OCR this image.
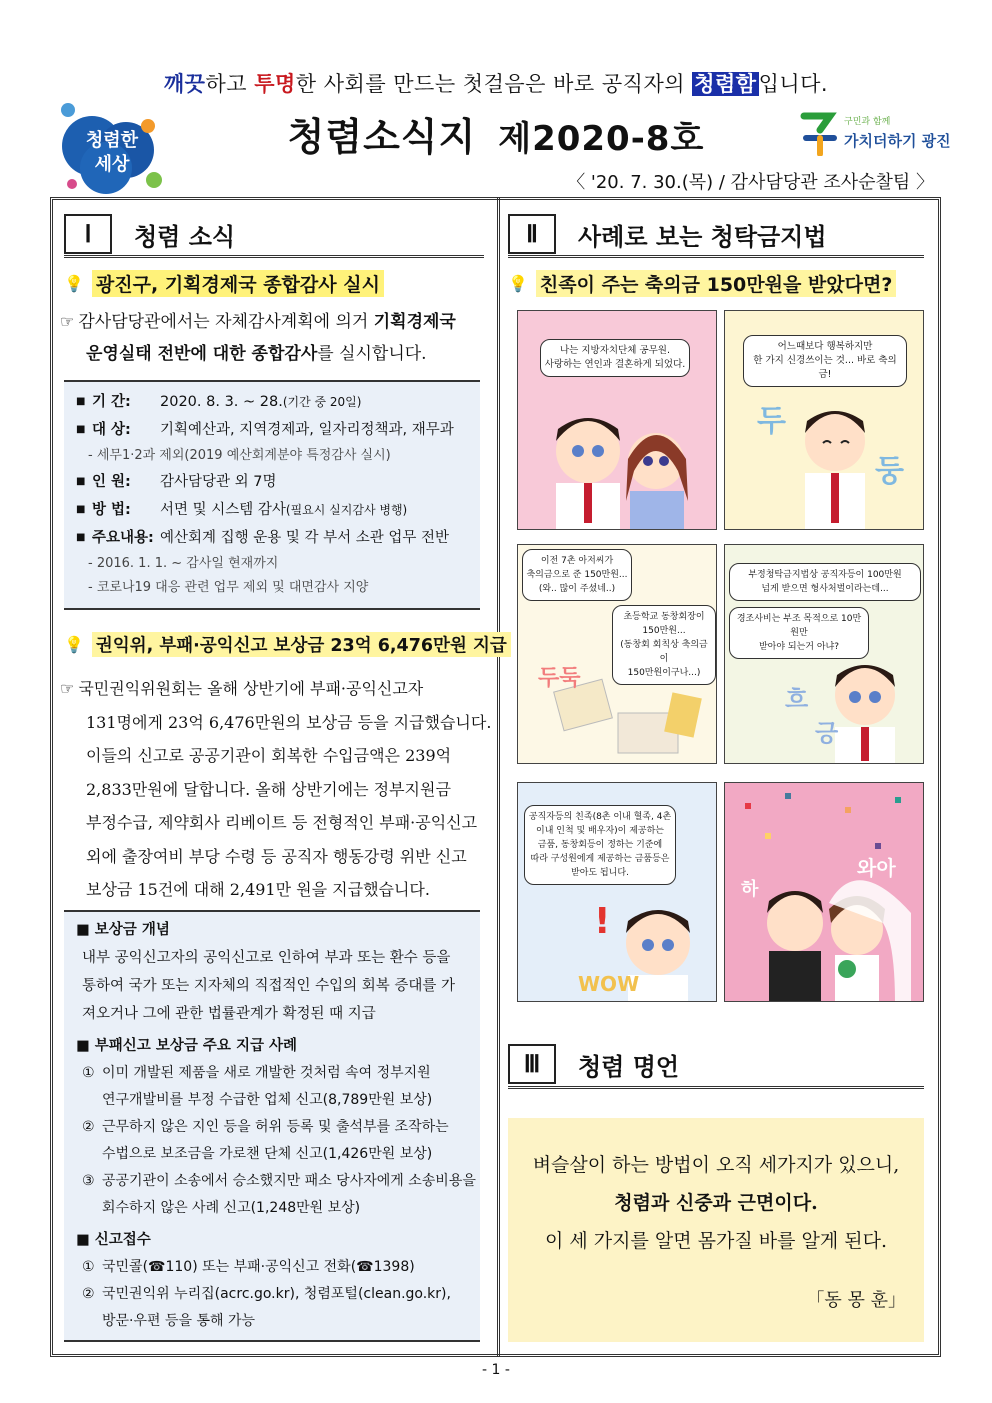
깨끗하고 투명한 사회를 만드는 첫걸음은 바로 공직자의 청렴함입니다.
청렴한
세상
청렴소식지 제2020-8호	구민과 함께
가치더하기 광진
〈 '20. 7. 30.(목) / 감사담당관 조사순찰팀 〉
Ⅰ	청렴 소식
💡 광진구, 기획경제국 종합감사 실시
☞ 감사담당관에서는 자체감사계획에 의거 기획경제국
운영실태 전반에 대한 종합감사를 실시합니다.
■ 기 간:	2020. 8. 3. ~ 28.(기간 중 20일)
■ 대 상:	기획예산과, 지역경제과, 일자리정책과, 재무과
- 세무1·2과 제외(2019 예산회계분야 특정감사 실시)
■ 인 원:	감사담당관 외 7명
■ 방 법:	서면 및 시스템 감사(필요시 실지감사 병행)
■ 주요내용: 예산회계 집행 운용 및 각 부서 소관 업무 전반
- 2016. 1. 1. ~ 감사일 현재까지
- 코로나19 대응 관련 업무 제외 및 대면감사 지양
💡 권익위, 부패·공익신고 보상금 23억 6,476만원 지급
☞ 국민권익위원회는 올해 상반기에 부패·공익신고자
131명에게 23억 6,476만원의 보상금 등을 지급했습니다.
이들의 신고로 공공기관이 회복한 수입금액은 239억
2,833만원에 달합니다. 올해 상반기에는 정부지원금
부정수급, 제약회사 리베이트 등 전형적인 부패·공익신고
외에 출장여비 부당 수령 등 공직자 행동강령 위반 신고
보상금 15건에 대해 2,491만 원을 지급했습니다.
■ 보상금 개념
내부 공익신고자의 공익신고로 인하여 부과 또는 환수 등을 통하여 국가 또는 지자체의 직접적인 수입의 회복 증대를 가져오거나 그에 관한 법률관계가 확정된 때 지급
■ 부패신고 보상금 주요 지급 사례
① 이미 개발된 제품을 새로 개발한 것처럼 속여 정부지원
연구개발비를 부정 수급한 업체 신고(8,789만원 보상)
② 근무하지 않은 지인 등을 허위 등록 및 출석부를 조작하는
수법으로 보조금을 가로챈 단체 신고(1,426만원 보상)
③ 공공기관이 소송에서 승소했지만 패소 당사자에게 소송비용을
회수하지 않은 사례 신고(1,248만원 보상)
■ 신고접수
① 국민콜(☎110) 또는 부패·공익신고 전화(☎1398)
② 국민권익위 누리집(acrc.go.kr), 청렴포털(clean.go.kr),
방문·우편 등을 통해 가능
Ⅱ	사례로 보는 청탁금지법
💡 친족이 주는 축의금 150만원을 받았다면?
나는 지방자치단체 공무원.
사랑하는 연인과 결혼하게 되었다.
두
둥
어느때보다 행복하지만
한 가지 신경쓰이는 것... 바로 축의금!
두둑
이전 7촌 아저씨가
축의금으로 준 150만원...
(와.. 많이 주셨네..)
초등학교 동창회장이
150만원...
(동창회 회칙상 축의금이
150만원이구나...)
흐
긍
부정청탁금지법상 공직자등이 100만원
넘게 받으면 형사처벌이라는데...
경조사비는 부조 목적으로 10만원만
받아야 되는거 아냐?
!
WOW
공직자등의 친족(8촌 이내 혈족, 4촌
이내 인척 및 배우자)이 제공하는
금품, 동창회등이 정하는 기준에
따라 구성원에게 제공하는 금품등은
받아도 됩니다.
하
와아
Ⅲ	청렴 명언
벼슬살이 하는 방법이 오직 세가지가 있으니,
청렴과 신중과 근면이다.
이 세 가지를 알면 몸가질 바를 알게 된다.
「동 몽 훈」
- 1 -
